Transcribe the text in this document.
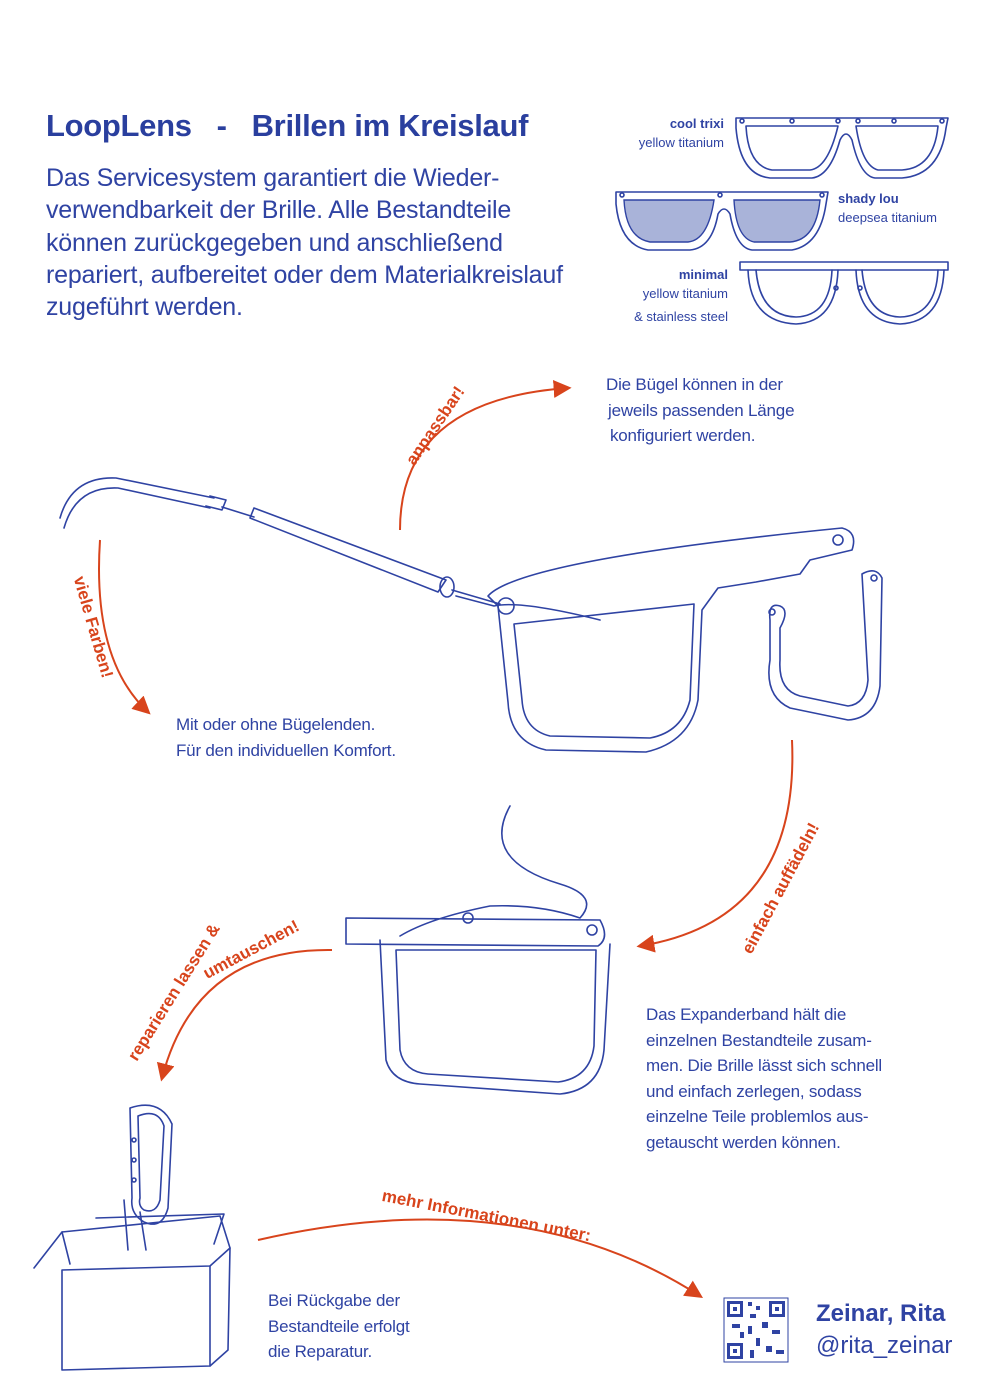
LoopLens   -   Brillen im Kreislauf
Das Servicesystem garantiert die Wiederverwendbarkeit der Brille. Alle Bestandteile können zurückgegeben und anschließend repariert, aufbereitet oder dem Materialkreislauf zugeführt werden.
cool trixi
yellow titanium
shady lou
deepsea titanium
minimal
yellow titanium
& stainless steel
anpassbar!
viele Farben!
einfach auffädeln!
reparieren lassen &
umtauschen!
mehr Informationen unter:
Die Bügel können in der
jeweils passenden Länge
konfiguriert werden.
Mit oder ohne Bügelenden.
Für den individuellen Komfort.
Das Expanderband hält die
einzelnen Bestandteile zusam-
men. Die Brille lässt sich schnell
und einfach zerlegen, sodass
einzelne Teile problemlos aus-
getauscht werden können.
Bei Rückgabe der
Bestandteile erfolgt
die Reparatur.
Zeinar, Rita
@rita_zeinar
